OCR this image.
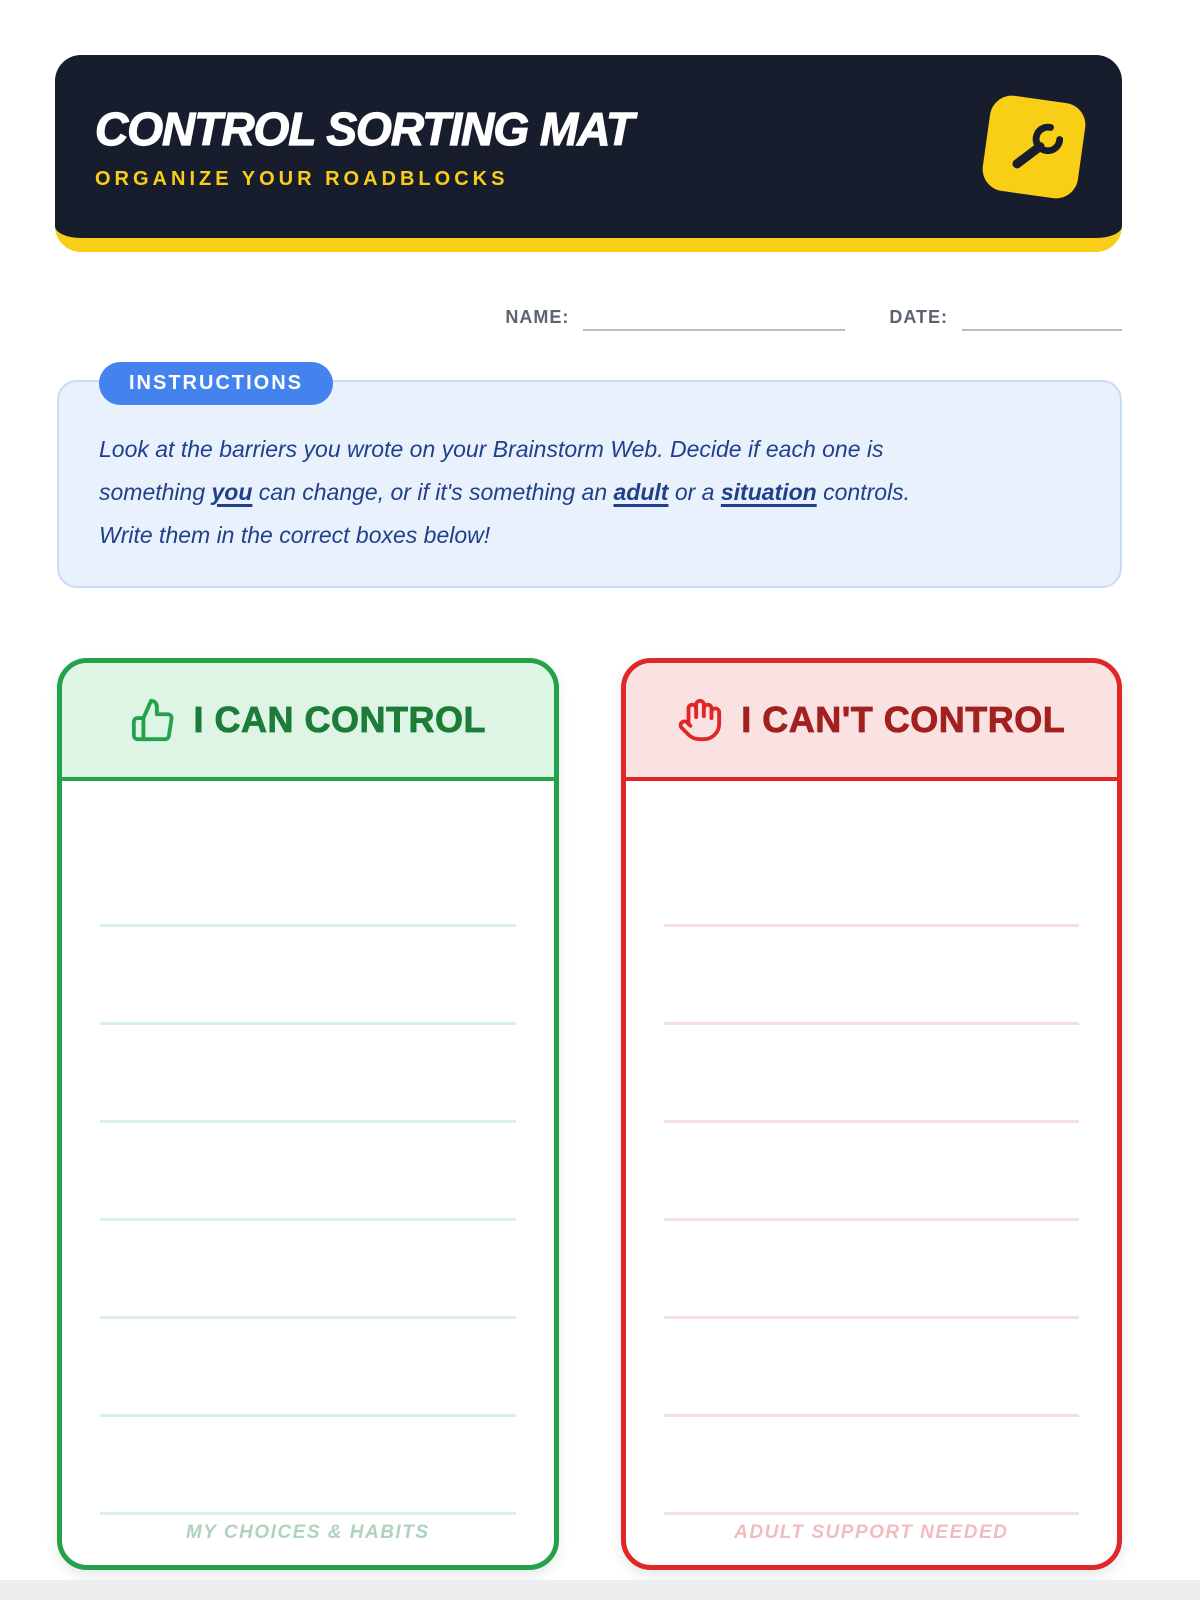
CONTROL SORTING MAT
ORGANIZE YOUR ROADBLOCKS
NAME:	DATE:
INSTRUCTIONS

Look at the barriers you wrote on your Brainstorm Web. Decide if each one is
something you can change, or if it's something an adult or a situation controls.
Write them in the correct boxes below!

I CAN CONTROL
MY CHOICES & HABITS
I CAN'T CONTROL
ADULT SUPPORT NEEDED
